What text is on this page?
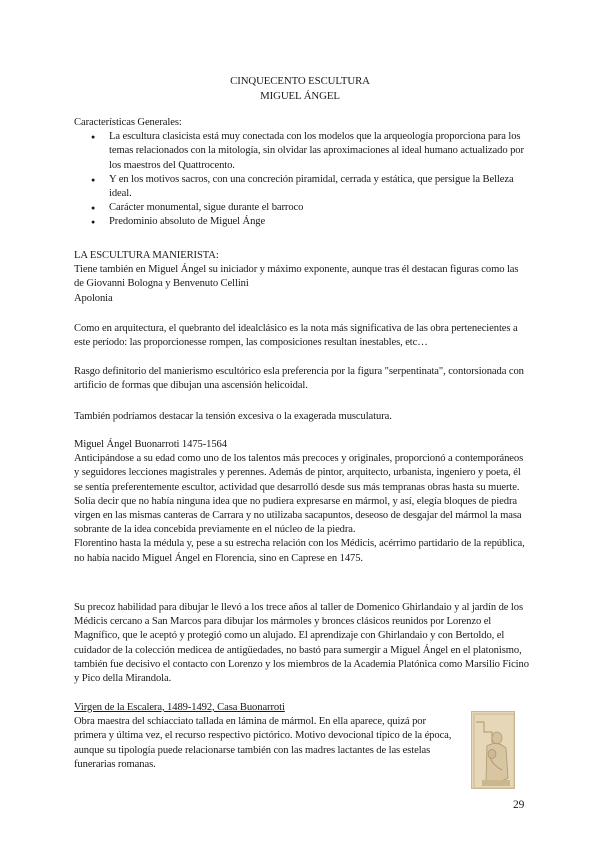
CINQUECENTO ESCULTURA
MIGUEL ÁNGEL

Características Generales:

● La escultura clasicista está muy conectada con los modelos que la arqueología proporciona para los temas relacionados con la mitología, sin olvidar las aproximaciones al ideal humano actualizado por los maestros del Quattrocento.
● Y en los motivos sacros, con una concreción piramidal, cerrada y estática, que persigue la Belleza ideal.
● Carácter monumental, sigue durante el barroco
● Predominio absoluto de Miguel Ánge

LA ESCULTURA MANIERISTA:

Tiene también en Miguel Ángel su iniciador y máximo exponente, aunque tras él destacan figuras como las de Giovanni Bologna y Benvenuto Cellini

Apolonia

Como en arquitectura, el quebranto del idealclásico es la nota más significativa de las obra pertenecientes a este período: las proporcionesse rompen, las composiciones resultan inestables, etc…

Rasgo definitorio del manierismo escultórico esla preferencia por la figura "serpentinata", contorsionada con artificio de formas que dibujan una ascensión helicoidal.

También podríamos destacar la tensión excesiva o la exagerada musculatura.

Miguel Ángel Buonarroti 1475-1564

Anticipándose a su edad como uno de los talentos más precoces y originales, proporcionó a contemporáneos y seguidores lecciones magistrales y perennes. Además de pintor, arquitecto, urbanista, ingeniero y poeta, él se sentía preferentemente escultor, actividad que desarrolló desde sus más tempranas obras hasta su muerte. Solía decir que no había ninguna idea que no pudiera expresarse en mármol, y así, elegía bloques de piedra virgen en las mismas canteras de Carrara y no utilizaba sacapuntos, deseoso de desgajar del mármol la masa sobrante de la idea concebida previamente en el núcleo de la piedra.

Florentino hasta la médula y, pese a su estrecha relación con los Médicis, acérrimo partidario de la república, no había nacido Miguel Ángel en Florencia, sino en Caprese en 1475.

Su precoz habilidad para dibujar le llevó a los trece años al taller de Domenico Ghirlandaio y al jardín de los Médicis cercano a San Marcos para dibujar los mármoles y bronces clásicos reunidos por Lorenzo el Magnífico, que le aceptó y protegió como un alujado. El aprendizaje con Ghirlandaio y con Bertoldo, el cuidador de la colección medicea de antigüedades, no bastó para sumergir a Miguel Ángel en el platonismo, también fue decisivo el contacto con Lorenzo y los miembros de la Academia Platónica como Marsilio Ficino y Pico della Mirandola.

Virgen de la Escalera, 1489-1492, Casa Buonarroti

Obra maestra del schiacciato tallada en lámina de mármol. En ella aparece, quizá por primera y última vez, el recurso respectivo pictórico. Motivo devocional típico de la época, aunque su tipología puede relacionarse también con las madres lactantes de las estelas funerarias romanas.

29
